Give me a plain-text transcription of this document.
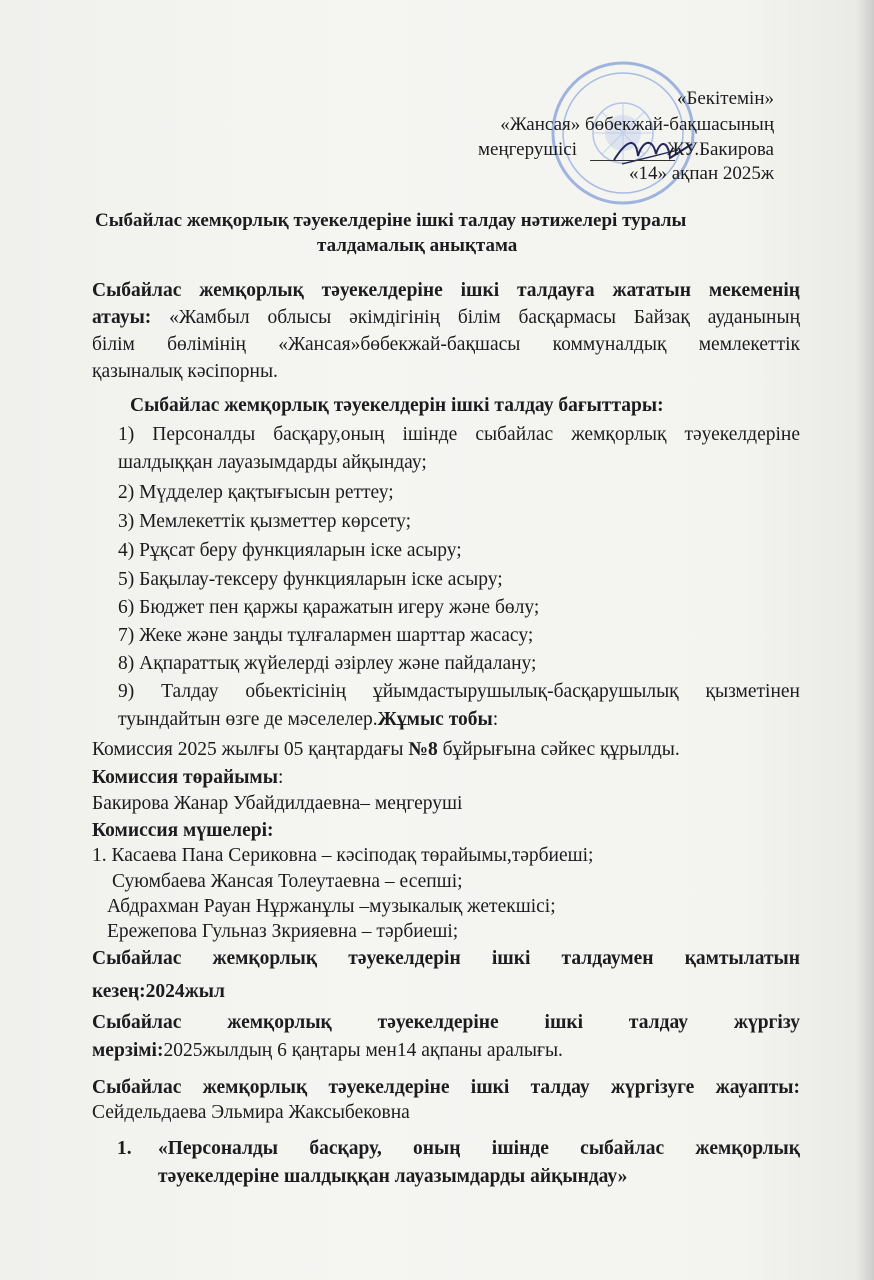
«Бекітемін»
«Жансая» бөбекжай-бақшасының
меңгерушісі	ЖУ.Бакирова
«14» ақпан 2025ж
Сыбайлас жемқорлық тәуекелдеріне ішкі талдау нәтижелері туралы
талдамалық анықтама
Сыбайлас жемқорлық тәуекелдеріне ішкі талдауға жататын мекеменің
атауы: «Жамбыл облысы әкімдігінің білім басқармасы Байзақ ауданының
білім бөлімінің «Жансая»бөбекжай-бақшасы коммуналдық мемлекеттік
қазыналық кәсіпорны.
Сыбайлас жемқорлық тәуекелдерін ішкі талдау бағыттары:
1) Персоналды басқару,оның ішінде сыбайлас жемқорлық тәуекелдеріне
шалдыққан лауазымдарды айқындау;
2) Мүдделер қақтығысын реттеу;
3) Мемлекеттік қызметтер көрсету;
4) Рұқсат беру функцияларын іске асыру;
5) Бақылау-тексеру функцияларын іске асыру;
6) Бюджет пен қаржы қаражатын игеру және бөлу;
7) Жеке және заңды тұлғалармен шарттар жасасу;
8) Ақпараттық жүйелерді әзірлеу және пайдалану;
9) Талдау обьектісінің ұйымдастырушылық-басқарушылық қызметінен
туындайтын өзге де мәселелер.Жұмыс тобы:
Комиссия 2025 жылғы 05 қаңтардағы №8 бұйрығына сәйкес құрылды.
Комиссия төрайымы:
Бакирова Жанар Убайдилдаевна– меңгеруші
Комиссия мүшелері:
1. Касаева Пана Сериковна – кәсіподақ төрайымы,тәрбиеші;
Суюмбаева Жансая Толеутаевна – есепші;
Абдрахман Рауан Нұржанұлы –музыкалық жетекшісі;
Ережепова Гульназ Зкрияевна – тәрбиеші;
Сыбайлас жемқорлық тәуекелдерін ішкі талдаумен қамтылатын
кезең:2024жыл
Сыбайлас жемқорлық тәуекелдеріне ішкі талдау жүргізу
мерзімі:2025жылдың 6 қаңтары мен14 ақпаны аралығы.
Сыбайлас жемқорлық тәуекелдеріне ішкі талдау жүргізуге жауапты:
Сейдельдаева Эльмира Жаксыбековна
1. «Персоналды басқару, оның ішінде сыбайлас жемқорлық
тәуекелдеріне шалдыққан лауазымдарды айқындау»
